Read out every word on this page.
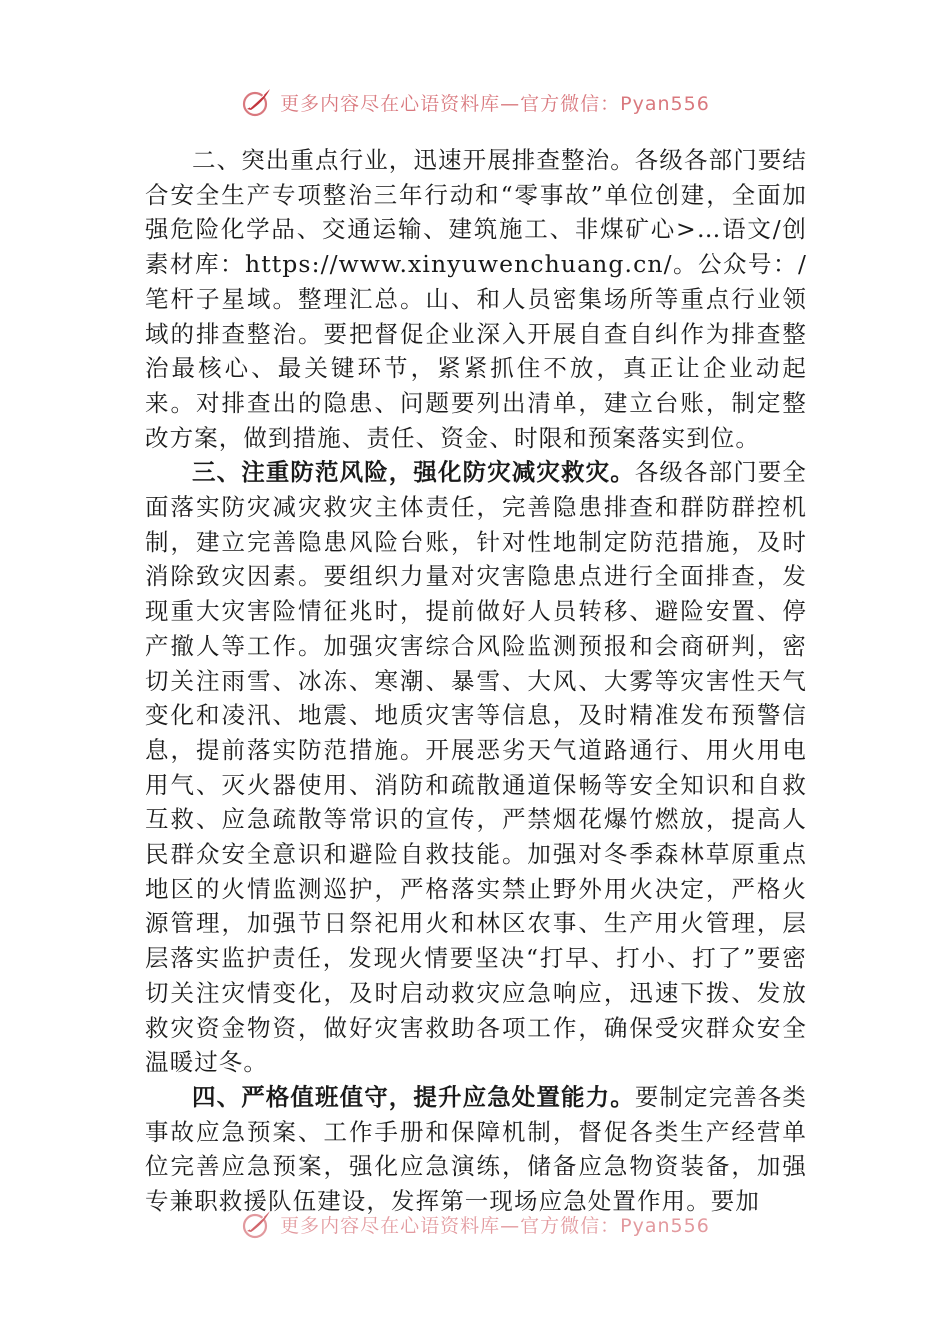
更多内容尽在心语资料库—官方微信：Pyan556

二、突出重点行业，迅速开展排查整治。各级各部门要结合安全生产专项整治三年行动和“零事故”单位创建，全面加强危险化学品、交通运输、建筑施工、非煤矿心>…语文/创素材库：https://www.xinyuwenchuang.cn/。公众号：/笔杆子星域。整理汇总。山、和人员密集场所等重点行业领域的排查整治。要把督促企业深入开展自查自纠作为排查整治最核心、最关键环节，紧紧抓住不放，真正让企业动起来。对排查出的隐患、问题要列出清单，建立台账，制定整改方案，做到措施、责任、资金、时限和预案落实到位。

三、注重防范风险，强化防灾减灾救灾。各级各部门要全面落实防灾减灾救灾主体责任，完善隐患排查和群防群控机制，建立完善隐患风险台账，针对性地制定防范措施，及时消除致灾因素。要组织力量对灾害隐患点进行全面排查，发现重大灾害险情征兆时，提前做好人员转移、避险安置、停产撤人等工作。加强灾害综合风险监测预报和会商研判，密切关注雨雪、冰冻、寒潮、暴雪、大风、大雾等灾害性天气变化和凌汛、地震、地质灾害等信息，及时精准发布预警信息，提前落实防范措施。开展恶劣天气道路通行、用火用电用气、灭火器使用、消防和疏散通道保畅等安全知识和自救互救、应急疏散等常识的宣传，严禁烟花爆竹燃放，提高人民群众安全意识和避险自救技能。加强对冬季森林草原重点地区的火情监测巡护，严格落实禁止野外用火决定，严格火源管理，加强节日祭祀用火和林区农事、生产用火管理，层层落实监护责任，发现火情要坚决“打早、打小、打了”要密切关注灾情变化，及时启动救灾应急响应，迅速下拨、发放救灾资金物资，做好灾害救助各项工作，确保受灾群众安全温暖过冬。

四、严格值班值守，提升应急处置能力。要制定完善各类事故应急预案、工作手册和保障机制，督促各类生产经营单位完善应急预案，强化应急演练，储备应急物资装备，加强专兼职救援队伍建设，发挥第一现场应急处置作用。要加

更多内容尽在心语资料库—官方微信：Pyan556
